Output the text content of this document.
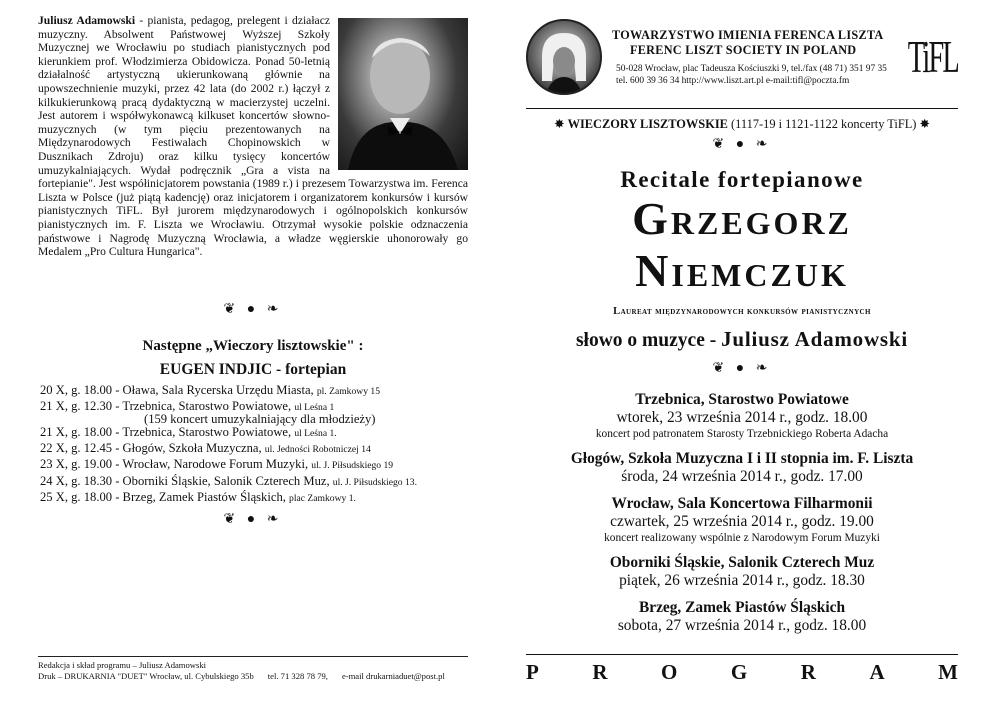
Juliusz Adamowski - pianista, pedagog, prelegent i działacz muzyczny. Absolwent Państwowej Wyższej Szkoły Muzycznej we Wrocławiu po studiach pianistycznych pod kierunkiem prof. Włodzimierza Obidowicza. Ponad 50-letnią działalność artystyczną ukierunkowaną głównie na upowszechnienie muzyki, przez 42 lata (do 2002 r.) łączył z kilkukierunkową pracą dydaktyczną w macierzystej uczelni. Jest autorem i współwykonawcą kilkuset koncertów słowno-muzycznych (w tym pięciu prezentowanych na Międzynarodowych Festiwalach Chopinowskich w Dusznikach Zdroju) oraz kilku tysięcy koncertów umuzykalniających. Wydał podręcznik „Gra a vista na fortepianie". Jest współinicjatorem powstania (1989 r.) i prezesem Towarzystwa im. Ferenca Liszta w Polsce (już piątą kadencję) oraz inicjatorem i organizatorem konkursów i kursów pianistycznych TiFL. Był jurorem międzynarodowych i ogólnopolskich konkursów pianistycznych im. F. Liszta we Wrocławiu. Otrzymał wysokie polskie odznaczenia państwowe i Nagrodę Muzyczną Wrocławia, a władze węgierskie uhonorowały go Medalem „Pro Cultura Hungarica".
❦ ● ❧
Następne „Wieczory lisztowskie" :
EUGEN INDJIC - fortepian
20 X, g. 18.00 - Oława, Sala Rycerska Urzędu Miasta, pl. Zamkowy 15
21 X, g. 12.30 - Trzebnica, Starostwo Powiatowe, ul Leśna 1
(159 koncert umuzykalniający dla młodzieży)
21 X, g. 18.00 - Trzebnica, Starostwo Powiatowe, ul Leśna 1.
22 X, g. 12.45 - Głogów, Szkoła Muzyczna, ul. Jedności Robotniczej 14
23 X, g. 19.00 - Wrocław, Narodowe Forum Muzyki, ul. J. Piłsudskiego 19
24 X, g. 18.30 - Oborniki Śląskie, Salonik Czterech Muz, ul. J. Piłsudskiego 13.
25 X, g. 18.00 - Brzeg, Zamek Piastów Śląskich, plac Zamkowy 1.
❦ ● ❧
Redakcja i skład programu – Juliusz Adamowski
Druk – DRUKARNIA "DUET" Wrocław, ul. Cybulskiego 35b tel. 71 328 78 79, e-mail drukarniaduet@post.pl
TOWARZYSTWO IMIENIA FERENCA LISZTA
FERENC LISZT SOCIETY IN POLAND
50-028 Wrocław, plac Tadeusza Kościuszki 9, tel./fax (48 71) 351 97 35
tel. 600 39 36 34 http://www.liszt.art.pl e-mail:tifl@poczta.fm	TiFL
✸ WIECZORY LISZTOWSKIE (1117-19 i 1121-1122 koncerty TiFL) ✸
❦ ● ❧
Recitale fortepianowe
Grzegorz
Niemczuk
Laureat międzynarodowych konkursów pianistycznych
słowo o muzyce - Juliusz Adamowski
❦ ● ❧
Trzebnica, Starostwo Powiatowe
wtorek, 23 września 2014 r., godz. 18.00
koncert pod patronatem Starosty Trzebnickiego Roberta Adacha
Głogów, Szkoła Muzyczna I i II stopnia im. F. Liszta
środa, 24 września 2014 r., godz. 17.00
Wrocław, Sala Koncertowa Filharmonii
czwartek, 25 września 2014 r., godz. 19.00
koncert realizowany wspólnie z Narodowym Forum Muzyki
Oborniki Śląskie, Salonik Czterech Muz
piątek, 26 września 2014 r., godz. 18.30
Brzeg, Zamek Piastów Śląskich
sobota, 27 września 2014 r., godz. 18.00
P	R	O	G	R	A	M
